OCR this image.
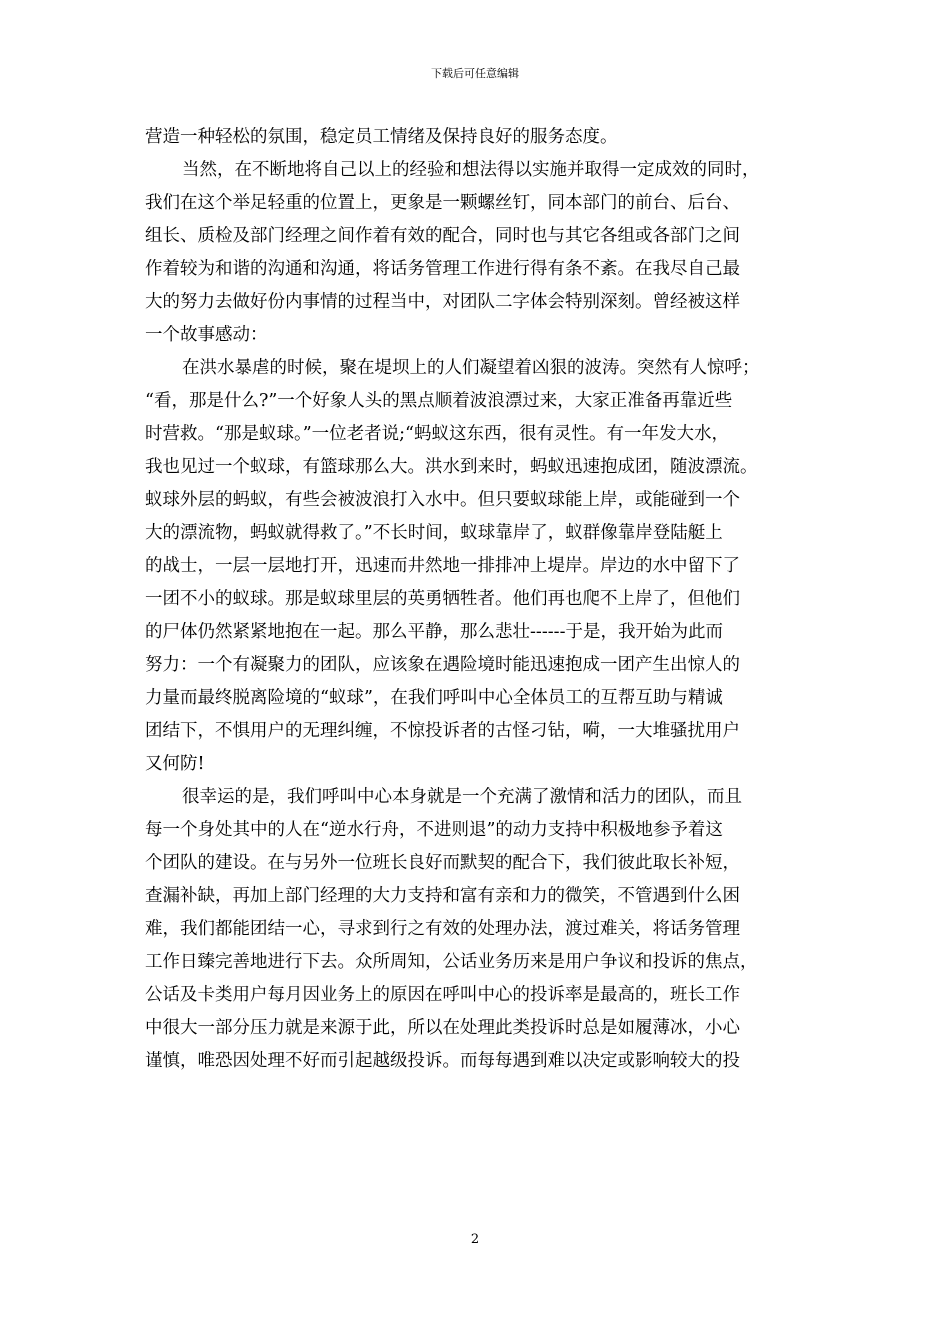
下载后可任意编辑
营造一种轻松的氛围，稳定员工情绪及保持良好的服务态度。
当然，在不断地将自己以上的经验和想法得以实施并取得一定成效的同时，
我们在这个举足轻重的位置上，更象是一颗螺丝钉，同本部门的前台、后台、
组长、质检及部门经理之间作着有效的配合，同时也与其它各组或各部门之间
作着较为和谐的沟通和沟通，将话务管理工作进行得有条不紊。在我尽自己最
大的努力去做好份内事情的过程当中，对团队二字体会特别深刻。曾经被这样
一个故事感动：
在洪水暴虐的时候，聚在堤坝上的人们凝望着凶狠的波涛。突然有人惊呼；
“看，那是什么?”一个好象人头的黑点顺着波浪漂过来，大家正准备再靠近些
时营救。“那是蚁球。”一位老者说;“蚂蚁这东西，很有灵性。有一年发大水，
我也见过一个蚁球，有篮球那么大。洪水到来时，蚂蚁迅速抱成团，随波漂流。
蚁球外层的蚂蚁，有些会被波浪打入水中。但只要蚁球能上岸，或能碰到一个
大的漂流物，蚂蚁就得救了。”不长时间，蚁球靠岸了，蚁群像靠岸登陆艇上
的战士，一层一层地打开，迅速而井然地一排排冲上堤岸。岸边的水中留下了
一团不小的蚁球。那是蚁球里层的英勇牺牲者。他们再也爬不上岸了，但他们
的尸体仍然紧紧地抱在一起。那么平静，那么悲壮------于是，我开始为此而
努力：一个有凝聚力的团队，应该象在遇险境时能迅速抱成一团产生出惊人的
力量而最终脱离险境的“蚁球”，在我们呼叫中心全体员工的互帮互助与精诚
团结下，不惧用户的无理纠缠，不惊投诉者的古怪刁钻，嗬，一大堆骚扰用户
又何防!
很幸运的是，我们呼叫中心本身就是一个充满了激情和活力的团队，而且
每一个身处其中的人在“逆水行舟，不进则退”的动力支持中积极地参予着这
个团队的建设。在与另外一位班长良好而默契的配合下，我们彼此取长补短，
查漏补缺，再加上部门经理的大力支持和富有亲和力的微笑，不管遇到什么困
难，我们都能团结一心，寻求到行之有效的处理办法，渡过难关，将话务管理
工作日臻完善地进行下去。众所周知，公话业务历来是用户争议和投诉的焦点，
公话及卡类用户每月因业务上的原因在呼叫中心的投诉率是最高的，班长工作
中很大一部分压力就是来源于此，所以在处理此类投诉时总是如履薄冰，小心
谨慎，唯恐因处理不好而引起越级投诉。而每每遇到难以决定或影响较大的投
2
